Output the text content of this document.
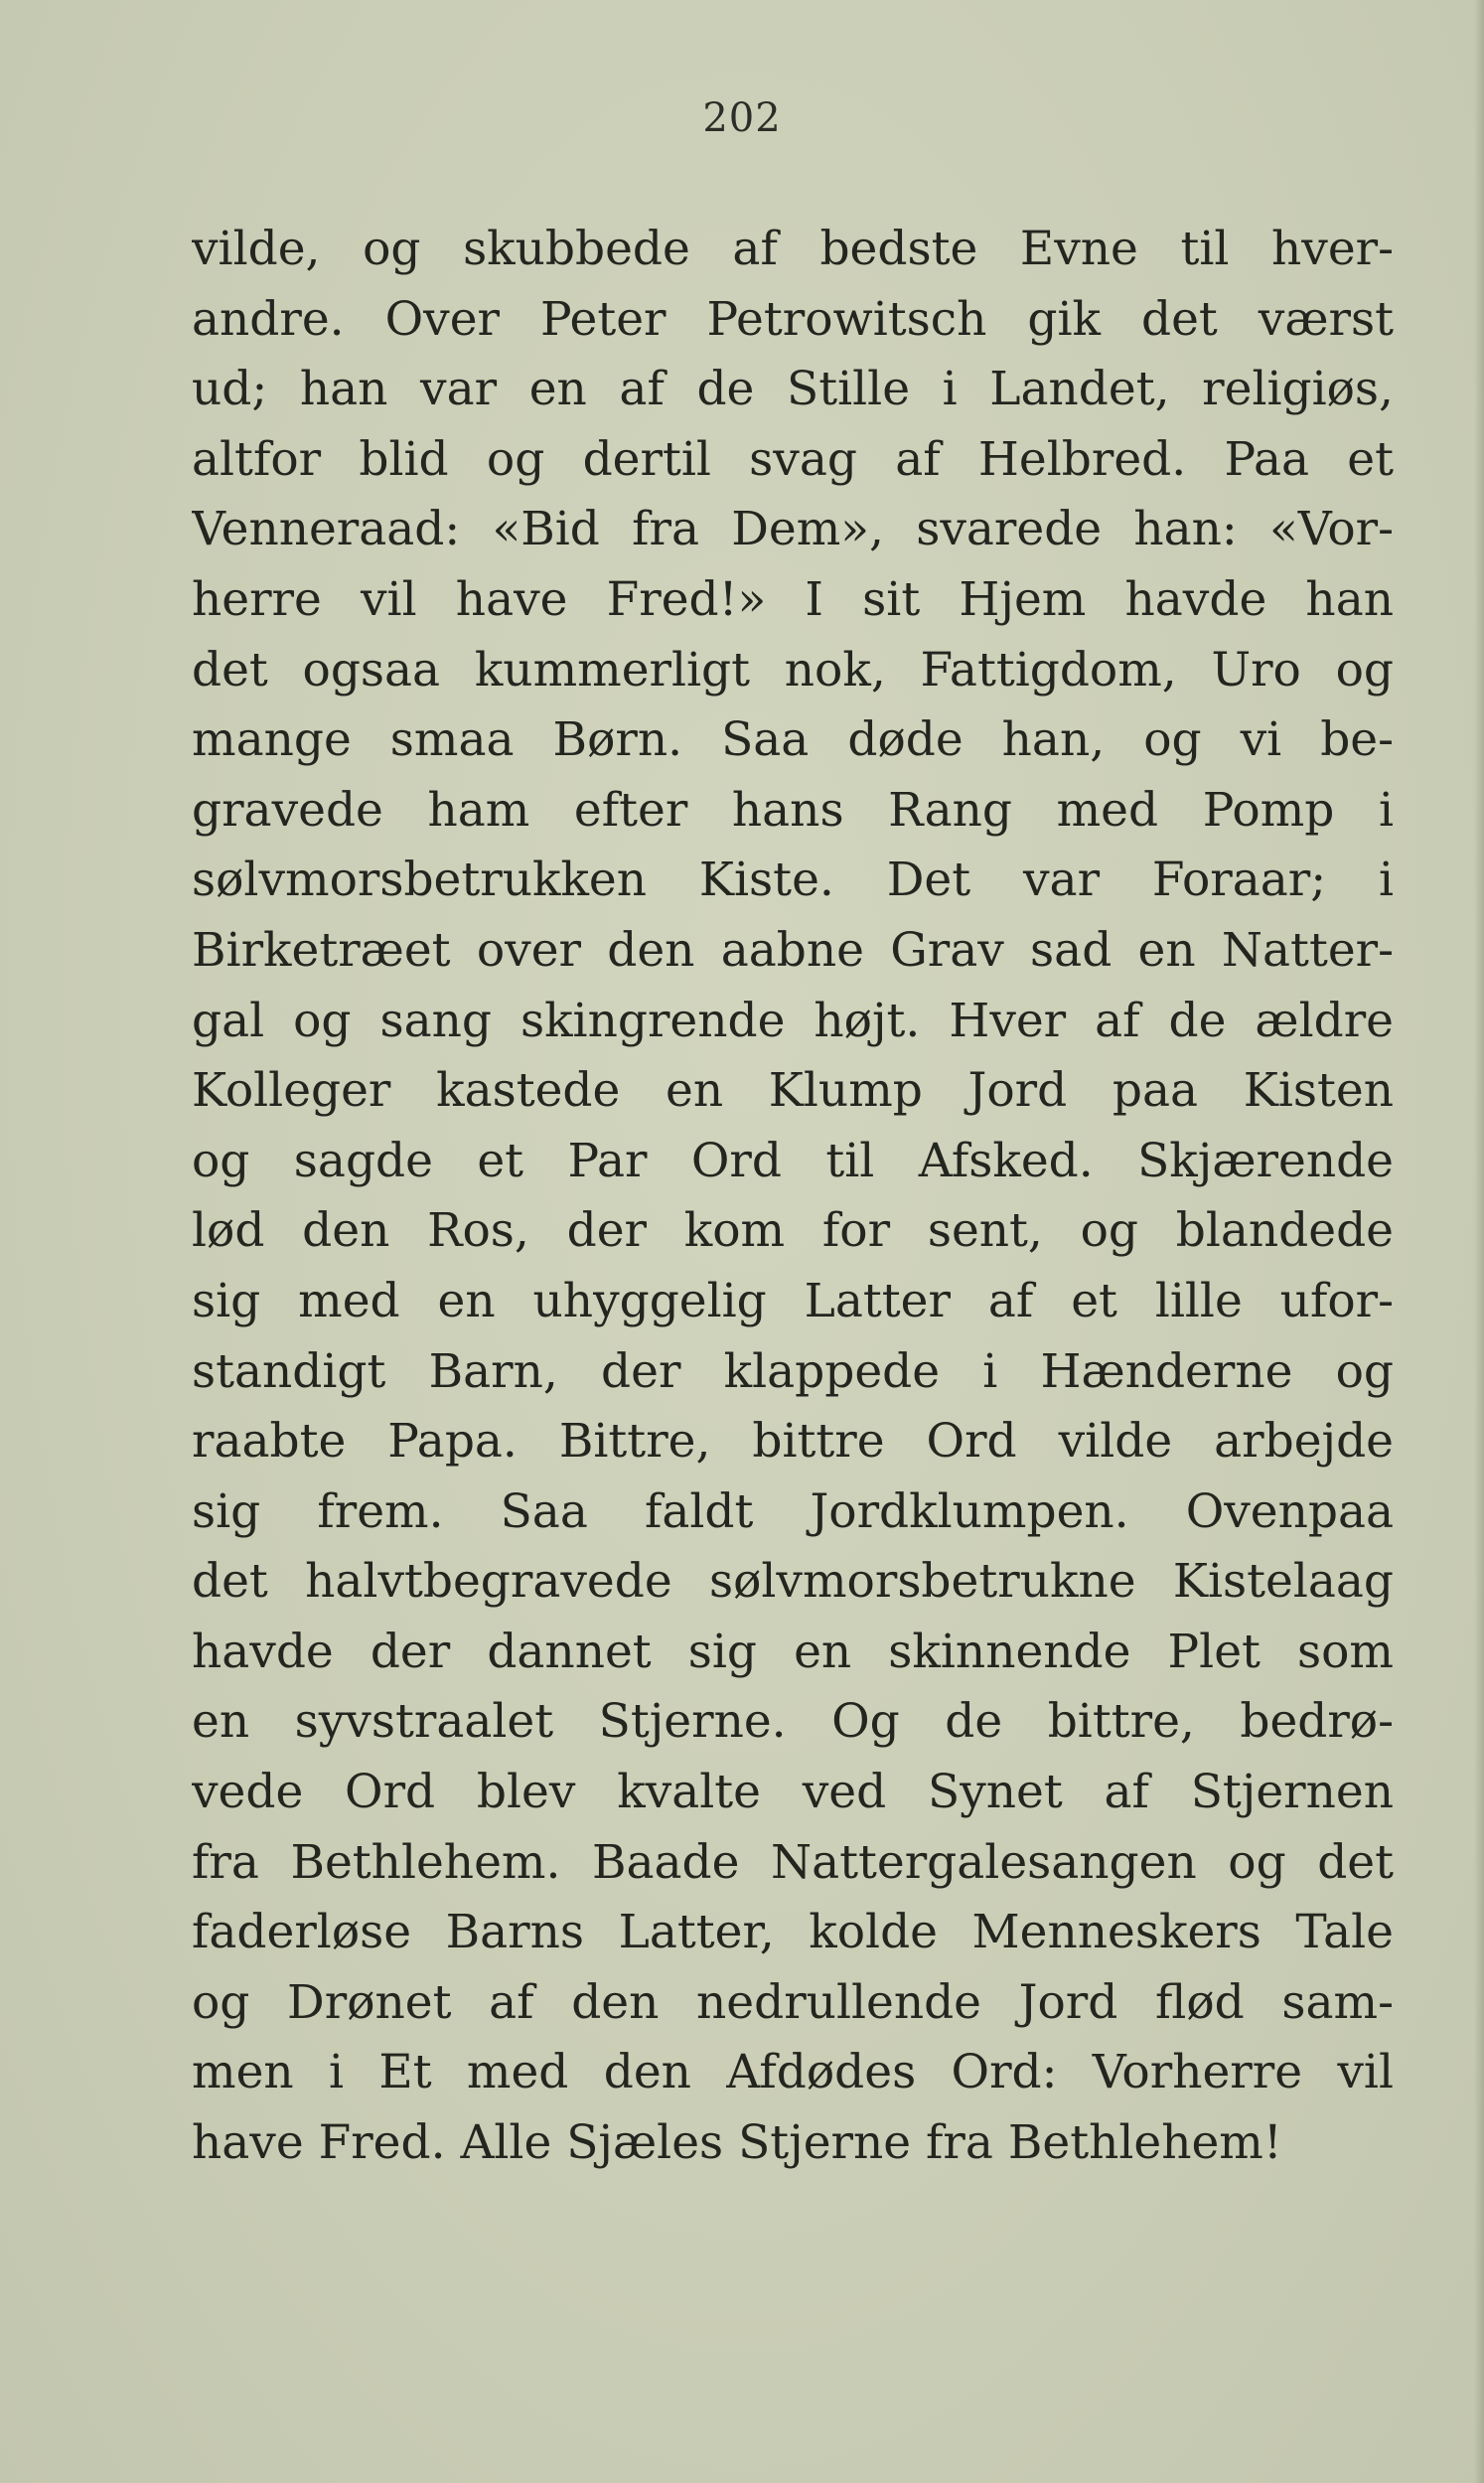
202
vilde, og skubbede af bedste Evne til hver-
andre. Over Peter Petrowitsch gik det værst
ud; han var en af de Stille i Landet, religiøs,
altfor blid og dertil svag af Helbred. Paa et
Venneraad: «Bid fra Dem», svarede han: «Vor-
herre vil have Fred!» I sit Hjem havde han
det ogsaa kummerligt nok, Fattigdom, Uro og
mange smaa Børn. Saa døde han, og vi be-
gravede ham efter hans Rang med Pomp i
sølvmorsbetrukken Kiste. Det var Foraar; i
Birketræet over den aabne Grav sad en Natter-
gal og sang skingrende højt. Hver af de ældre
Kolleger kastede en Klump Jord paa Kisten
og sagde et Par Ord til Afsked. Skjærende
lød den Ros, der kom for sent, og blandede
sig med en uhyggelig Latter af et lille ufor-
standigt Barn, der klappede i Hænderne og
raabte Papa. Bittre, bittre Ord vilde arbejde
sig frem. Saa faldt Jordklumpen. Ovenpaa
det halvtbegravede sølvmorsbetrukne Kistelaag
havde der dannet sig en skinnende Plet som
en syvstraalet Stjerne. Og de bittre, bedrø-
vede Ord blev kvalte ved Synet af Stjernen
fra Bethlehem. Baade Nattergalesangen og det
faderløse Barns Latter, kolde Menneskers Tale
og Drønet af den nedrullende Jord flød sam-
men i Et med den Afdødes Ord: Vorherre vil
have Fred. Alle Sjæles Stjerne fra Bethlehem!
